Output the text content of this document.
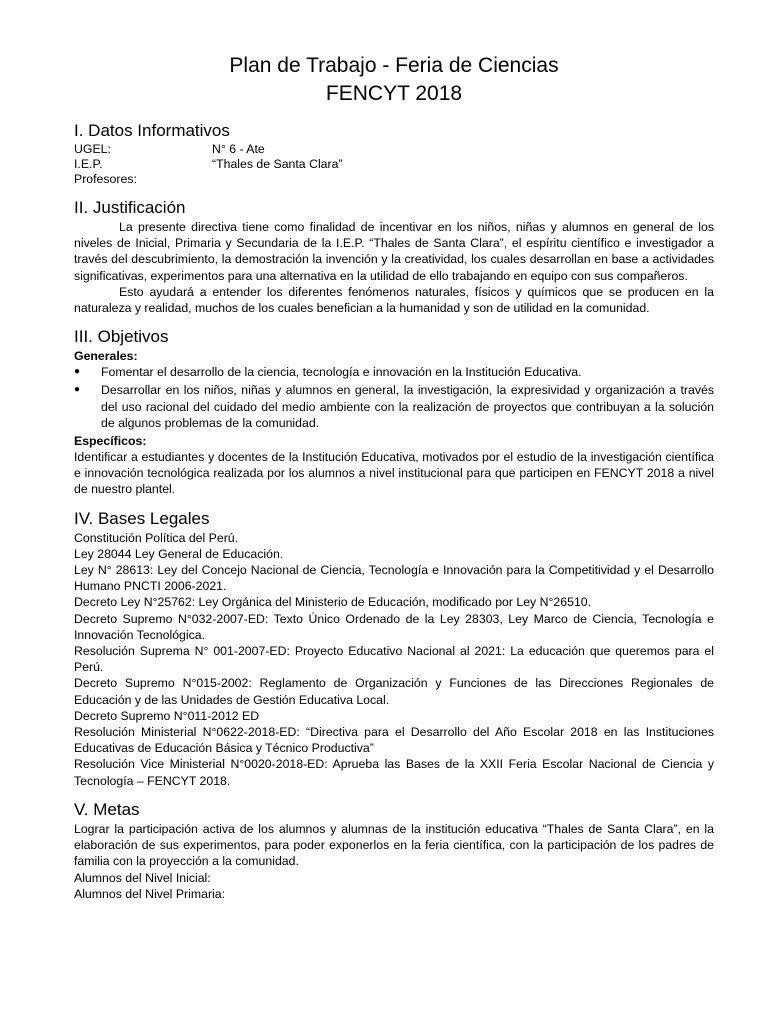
Plan de Trabajo - Feria de Ciencias
FENCYT 2018
I. Datos Informativos
UGEL:	N° 6 - Ate
I.E.P.	“Thales de Santa Clara”
Profesores:
II. Justificación

La presente directiva tiene como finalidad de incentivar en los niños, niñas y alumnos en general de los niveles de Inicial, Primaria y Secundaria de la I.E.P. “Thales de Santa Clara”, el espíritu científico e investigador a través del descubrimiento, la demostración la invención y la creatividad, los cuales desarrollan en base a actividades significativas, experimentos para una alternativa en la utilidad de ello trabajando en equipo con sus compañeros.

Esto ayudará a entender los diferentes fenómenos naturales, físicos y químicos que se producen en la naturaleza y realidad, muchos de los cuales benefician a la humanidad y son de utilidad en la comunidad.

III. Objetivos
Generales:
●	Fomentar el desarrollo de la ciencia, tecnología e innovación en la Institución Educativa.
●	Desarrollar en los niños, niñas y alumnos en general, la investigación, la expresividad y organización a través del uso racional del cuidado del medio ambiente con la realización de proyectos que contribuyan a la solución de algunos problemas de la comunidad.
Específicos:

Identificar a estudiantes y docentes de la Institución Educativa, motivados por el estudio de la investigación científica e innovación tecnológica realizada por los alumnos a nivel institucional para que participen en FENCYT 2018 a nivel de nuestro plantel.

IV. Bases Legales

Constitución Política del Perú.

Ley 28044 Ley General de Educación.

Ley N° 28613: Ley del Concejo Nacional de Ciencia, Tecnología e Innovación para la Competitividad y el Desarrollo Humano PNCTI 2006-2021.

Decreto Ley N°25762: Ley Orgánica del Ministerio de Educación, modificado por Ley N°26510.

Decreto Supremo N°032-2007-ED: Texto Único Ordenado de la Ley 28303, Ley Marco de Ciencia, Tecnología e Innovación Tecnológica.

Resolución Suprema N° 001-2007-ED: Proyecto Educativo Nacional al 2021: La educación que queremos para el Perú.

Decreto Supremo N°015-2002: Reglamento de Organización y Funciones de las Direcciones Regionales de Educación y de las Unidades de Gestión Educativa Local.

Decreto Supremo N°011-2012 ED

Resolución Ministerial N°0622-2018-ED: “Directiva para el Desarrollo del Año Escolar 2018 en las Instituciones Educativas de Educación Básica y Técnico Productiva”

Resolución Vice Ministerial N°0020-2018-ED: Aprueba las Bases de la XXII Feria Escolar Nacional de Ciencia y Tecnología – FENCYT 2018.

V. Metas

Lograr la participación activa de los alumnos y alumnas de la institución educativa “Thales de Santa Clara”, en la elaboración de sus experimentos, para poder exponerlos en la feria científica, con la participación de los padres de familia con la proyección a la comunidad.

Alumnos del Nivel Inicial:
Alumnos del Nivel Primaria:
